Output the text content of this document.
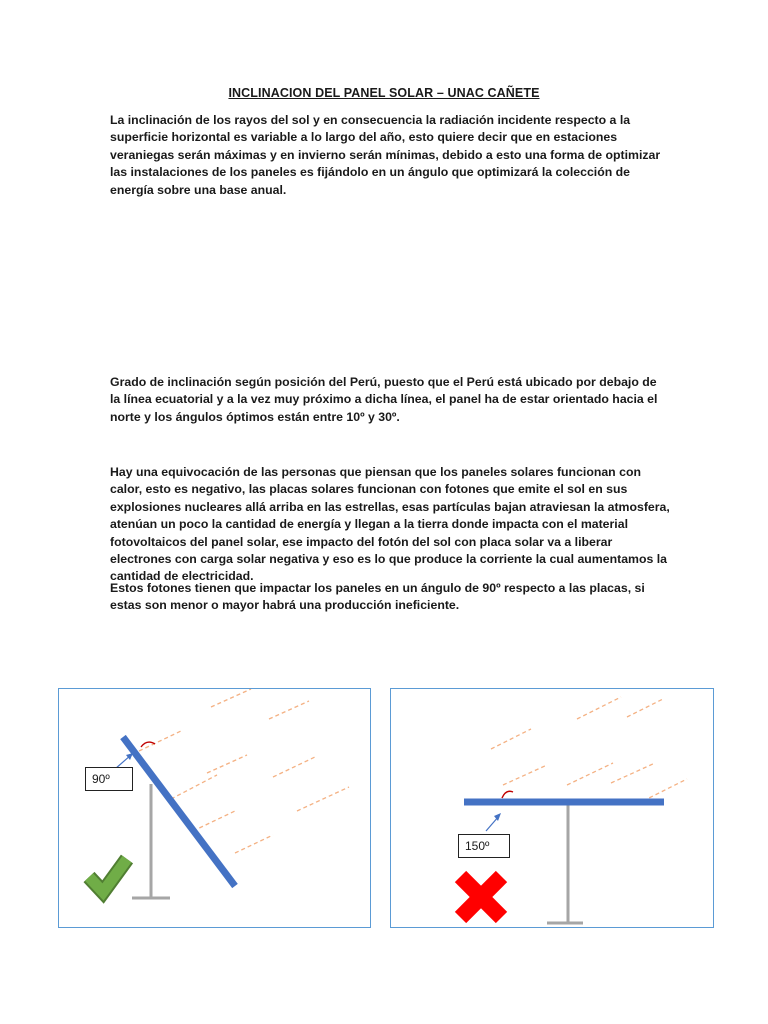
INCLINACION DEL PANEL SOLAR – UNAC CAÑETE

La inclinación de los rayos del sol y en consecuencia la radiación incidente respecto a la superficie horizontal es variable a lo largo del año, esto quiere decir que en estaciones veraniegas serán máximas y en invierno serán mínimas, debido a esto una forma de optimizar las instalaciones de los paneles es fijándolo en un ángulo que optimizará la colección de energía sobre una base anual.

Grado de inclinación según posición del Perú, puesto que el Perú está ubicado por debajo de la línea ecuatorial y a la vez muy próximo a dicha línea, el panel ha de estar orientado hacia el norte y los ángulos óptimos están entre 10º y 30º.

Hay una equivocación de las personas que piensan que los paneles solares funcionan con calor, esto es negativo, las placas solares funcionan con fotones que emite el sol en sus explosiones nucleares allá arriba en las estrellas, esas partículas bajan atraviesan la atmosfera, atenúan un poco la cantidad de energía y llegan a la tierra donde impacta con el material fotovoltaicos del panel solar, ese impacto del fotón del sol con placa solar va a liberar electrones con carga solar negativa y eso es lo que produce la corriente la cual aumentamos la cantidad de electricidad.

Estos fotones tienen que impactar los paneles en un ángulo de 90º respecto a las placas, si estas son menor o mayor habrá una producción ineficiente.

90º
150º
